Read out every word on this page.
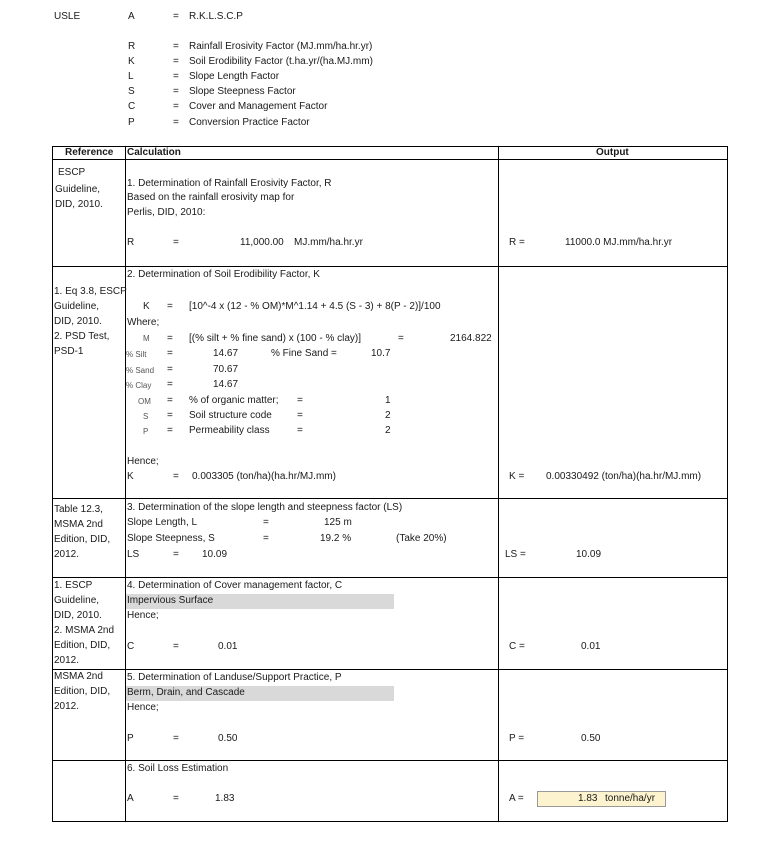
USLE	A	= R.K.L.S.C.P
R	= Rainfall Erosivity Factor (MJ.mm/ha.hr.yr)
K	= Soil Erodibility Factor (t.ha.yr/(ha.MJ.mm)
L	= Slope Length Factor
S	= Slope Steepness Factor
C	= Cover and Management Factor
P	= Conversion Practice Factor
Reference Calculation	Output
ESCP
Guideline,
DID, 2010.
1. Determination of Rainfall Erosivity Factor, R
Based on the rainfall erosivity map for
Perlis, DID, 2010:
R	=	11,000.00 MJ.mm/ha.hr.yr	R =	11000.0 MJ.mm/ha.hr.yr
1. Eq 3.8, ESCP
Guideline,
DID, 2010.
2. PSD Test,
PSD-1
2. Determination of Soil Erodibility Factor, K
K = [10^-4 x (12 - % OM)*M^1.14 + 4.5 (S - 3) + 8(P - 2)]/100
Where;
M = [(% silt + % fine sand) x (100 - % clay)]	=	2164.822
% Silt =	14.67	% Fine Sand =	10.7
% Sand =	70.67
% Clay =	14.67
OM = % of organic matter; =	1
S = Soil structure code	=	2
P = Permeability class	=	2
Hence;
K	= 0.003305 (ton/ha)(ha.hr/MJ.mm)	K = 0.00330492 (ton/ha)(ha.hr/MJ.mm)
Table 12.3,
MSMA 2nd
Edition, DID,
2012.
3. Determination of the slope length and steepness factor (LS)
Slope Length, L	=	125 m
Slope Steepness, S	=	19.2 %	(Take 20%)
LS	= 10.09	LS =	10.09
1. ESCP
Guideline,
DID, 2010.
2. MSMA 2nd
Edition, DID,
2012.
4. Determination of Cover management factor, C
Impervious Surface
Hence;
C	=	0.01	C =	0.01
MSMA 2nd
Edition, DID,
2012.
5. Determination of Landuse/Support Practice, P
Berm, Drain, and Cascade
Hence;
P	=	0.50	P =	0.50
6. Soil Loss Estimation
A	=	1.83	A =	1.83 tonne/ha/yr
